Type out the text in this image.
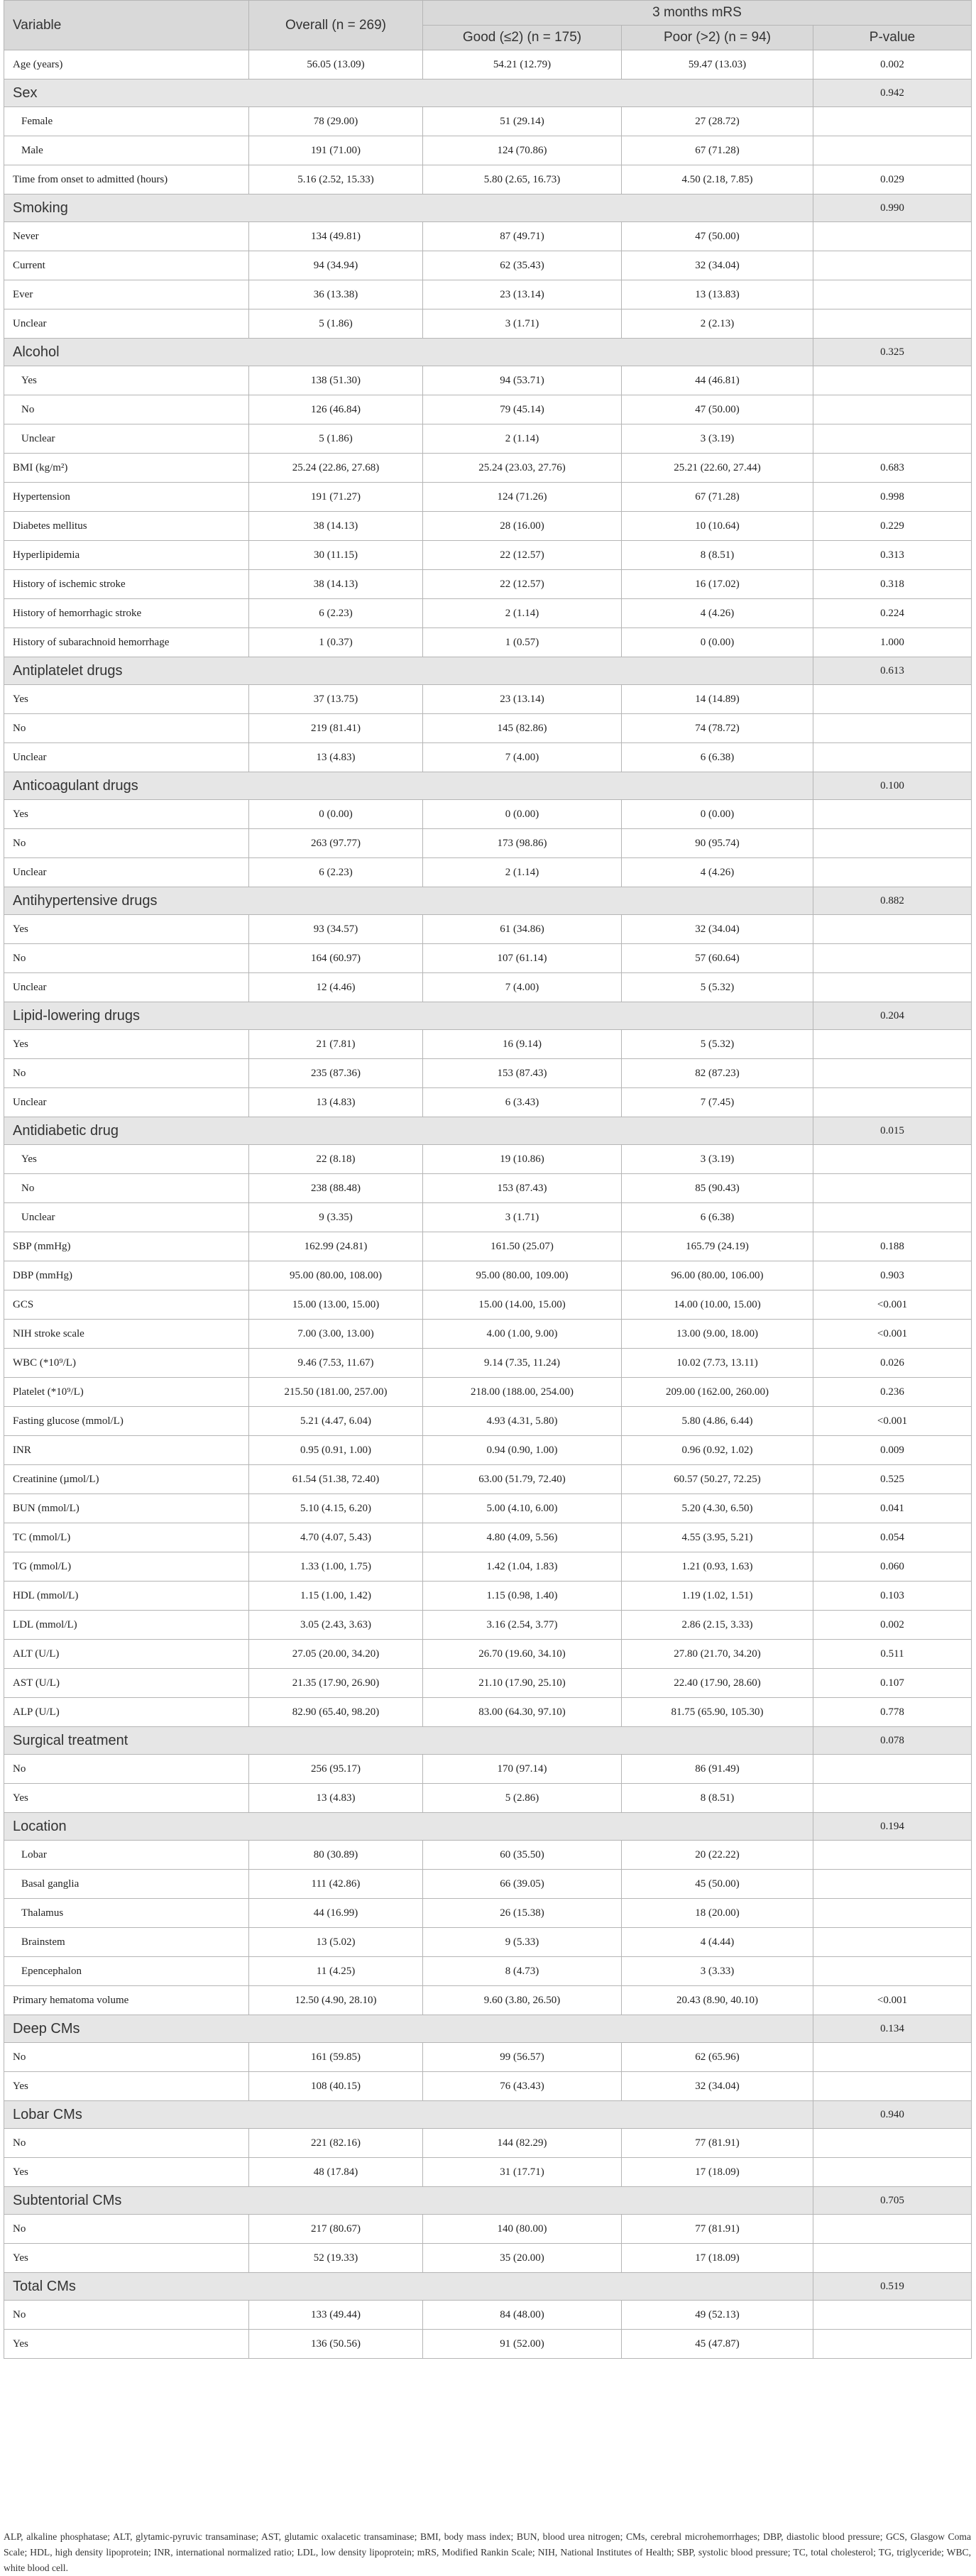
Variable	Overall (n = 269)	3 months mRS		
		Good (≤2) (n = 175)	Poor (>2) (n = 94)	P-value
Age (years)	56.05 (13.09)	54.21 (12.79)	59.47 (13.03)	0.002
Sex				0.942
Female	78 (29.00)	51 (29.14)	27 (28.72)	
Male	191 (71.00)	124 (70.86)	67 (71.28)	
Time from onset to admitted (hours)	5.16 (2.52, 15.33)	5.80 (2.65, 16.73)	4.50 (2.18, 7.85)	0.029
Smoking				0.990
Never	134 (49.81)	87 (49.71)	47 (50.00)	
Current	94 (34.94)	62 (35.43)	32 (34.04)	
Ever	36 (13.38)	23 (13.14)	13 (13.83)	
Unclear	5 (1.86)	3 (1.71)	2 (2.13)	
Alcohol				0.325
Yes	138 (51.30)	94 (53.71)	44 (46.81)	
No	126 (46.84)	79 (45.14)	47 (50.00)	
Unclear	5 (1.86)	2 (1.14)	3 (3.19)	
BMI (kg/m²)	25.24 (22.86, 27.68)	25.24 (23.03, 27.76)	25.21 (22.60, 27.44)	0.683
Hypertension	191 (71.27)	124 (71.26)	67 (71.28)	0.998
Diabetes mellitus	38 (14.13)	28 (16.00)	10 (10.64)	0.229
Hyperlipidemia	30 (11.15)	22 (12.57)	8 (8.51)	0.313
History of ischemic stroke	38 (14.13)	22 (12.57)	16 (17.02)	0.318
History of hemorrhagic stroke	6 (2.23)	2 (1.14)	4 (4.26)	0.224
History of subarachnoid hemorrhage	1 (0.37)	1 (0.57)	0 (0.00)	1.000
Antiplatelet drugs				0.613
Yes	37 (13.75)	23 (13.14)	14 (14.89)	
No	219 (81.41)	145 (82.86)	74 (78.72)	
Unclear	13 (4.83)	7 (4.00)	6 (6.38)	
Anticoagulant drugs				0.100
Yes	0 (0.00)	0 (0.00)	0 (0.00)	
No	263 (97.77)	173 (98.86)	90 (95.74)	
Unclear	6 (2.23)	2 (1.14)	4 (4.26)	
Antihypertensive drugs				0.882
Yes	93 (34.57)	61 (34.86)	32 (34.04)	
No	164 (60.97)	107 (61.14)	57 (60.64)	
Unclear	12 (4.46)	7 (4.00)	5 (5.32)	
Lipid-lowering drugs				0.204
Yes	21 (7.81)	16 (9.14)	5 (5.32)	
No	235 (87.36)	153 (87.43)	82 (87.23)	
Unclear	13 (4.83)	6 (3.43)	7 (7.45)	
Antidiabetic drug				0.015
Yes	22 (8.18)	19 (10.86)	3 (3.19)	
No	238 (88.48)	153 (87.43)	85 (90.43)	
Unclear	9 (3.35)	3 (1.71)	6 (6.38)	
SBP (mmHg)	162.99 (24.81)	161.50 (25.07)	165.79 (24.19)	0.188
DBP (mmHg)	95.00 (80.00, 108.00)	95.00 (80.00, 109.00)	96.00 (80.00, 106.00)	0.903
GCS	15.00 (13.00, 15.00)	15.00 (14.00, 15.00)	14.00 (10.00, 15.00)	<0.001
NIH stroke scale	7.00 (3.00, 13.00)	4.00 (1.00, 9.00)	13.00 (9.00, 18.00)	<0.001
WBC (*10⁹/L)	9.46 (7.53, 11.67)	9.14 (7.35, 11.24)	10.02 (7.73, 13.11)	0.026
Platelet (*10⁹/L)	215.50 (181.00, 257.00)	218.00 (188.00, 254.00)	209.00 (162.00, 260.00)	0.236
Fasting glucose (mmol/L)	5.21 (4.47, 6.04)	4.93 (4.31, 5.80)	5.80 (4.86, 6.44)	<0.001
INR	0.95 (0.91, 1.00)	0.94 (0.90, 1.00)	0.96 (0.92, 1.02)	0.009
Creatinine (µmol/L)	61.54 (51.38, 72.40)	63.00 (51.79, 72.40)	60.57 (50.27, 72.25)	0.525
BUN (mmol/L)	5.10 (4.15, 6.20)	5.00 (4.10, 6.00)	5.20 (4.30, 6.50)	0.041
TC (mmol/L)	4.70 (4.07, 5.43)	4.80 (4.09, 5.56)	4.55 (3.95, 5.21)	0.054
TG (mmol/L)	1.33 (1.00, 1.75)	1.42 (1.04, 1.83)	1.21 (0.93, 1.63)	0.060
HDL (mmol/L)	1.15 (1.00, 1.42)	1.15 (0.98, 1.40)	1.19 (1.02, 1.51)	0.103
LDL (mmol/L)	3.05 (2.43, 3.63)	3.16 (2.54, 3.77)	2.86 (2.15, 3.33)	0.002
ALT (U/L)	27.05 (20.00, 34.20)	26.70 (19.60, 34.10)	27.80 (21.70, 34.20)	0.511
AST (U/L)	21.35 (17.90, 26.90)	21.10 (17.90, 25.10)	22.40 (17.90, 28.60)	0.107
ALP (U/L)	82.90 (65.40, 98.20)	83.00 (64.30, 97.10)	81.75 (65.90, 105.30)	0.778
Surgical treatment				0.078
No	256 (95.17)	170 (97.14)	86 (91.49)	
Yes	13 (4.83)	5 (2.86)	8 (8.51)	
Location				0.194
Lobar	80 (30.89)	60 (35.50)	20 (22.22)	
Basal ganglia	111 (42.86)	66 (39.05)	45 (50.00)	
Thalamus	44 (16.99)	26 (15.38)	18 (20.00)	
Brainstem	13 (5.02)	9 (5.33)	4 (4.44)	
Epencephalon	11 (4.25)	8 (4.73)	3 (3.33)	
Primary hematoma volume	12.50 (4.90, 28.10)	9.60 (3.80, 26.50)	20.43 (8.90, 40.10)	<0.001
Deep CMs				0.134
No	161 (59.85)	99 (56.57)	62 (65.96)	
Yes	108 (40.15)	76 (43.43)	32 (34.04)	
Lobar CMs				0.940
No	221 (82.16)	144 (82.29)	77 (81.91)	
Yes	48 (17.84)	31 (17.71)	17 (18.09)	
Subtentorial CMs				0.705
No	217 (80.67)	140 (80.00)	77 (81.91)	
Yes	52 (19.33)	35 (20.00)	17 (18.09)	
Total CMs				0.519
No	133 (49.44)	84 (48.00)	49 (52.13)	
Yes	136 (50.56)	91 (52.00)	45 (47.87)	
ALP, alkaline phosphatase; ALT, glytamic-pyruvic transaminase; AST, glutamic oxalacetic transaminase; BMI, body mass index; BUN, blood urea nitrogen; CMs, cerebral microhemorrhages; DBP, diastolic blood pressure; GCS, Glasgow Coma Scale; HDL, high density lipoprotein; INR, international normalized ratio; LDL, low density lipoprotein; mRS, Modified Rankin Scale; NIH, National Institutes of Health; SBP, systolic blood pressure; TC, total cholesterol; TG, triglyceride; WBC, white blood cell.
